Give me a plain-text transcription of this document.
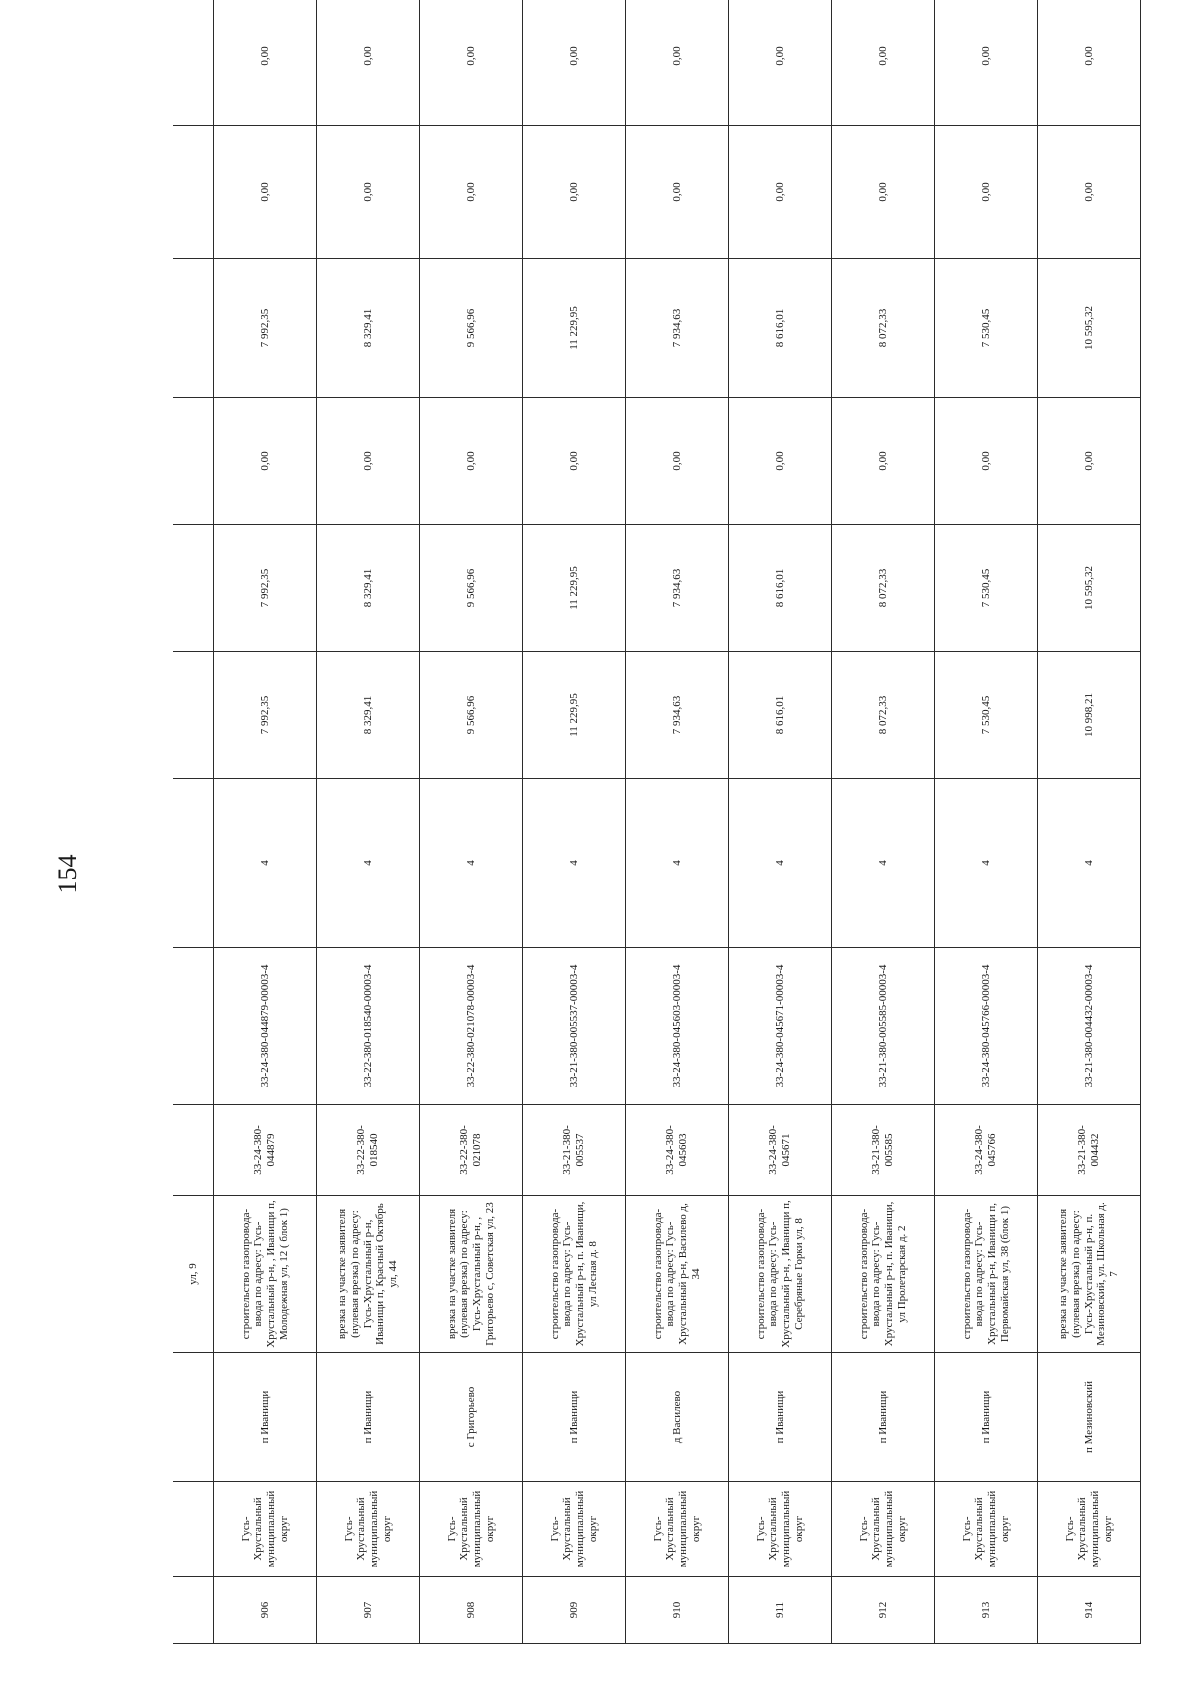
154
			ул, 9									
906	Гусь-Хрустальный муниципальный округ	п Иванищи	строительство газопровода-ввода по адресу: Гусь-Хрустальный р-н, , Иванищи п, Молодежная ул, 12 ( блок 1)	33-24-380-044879	33-24-380-044879-00003-4	4	7 992,35	7 992,35	0,00	7 992,35	0,00	0,00
907	Гусь-Хрустальный муниципальный округ	п Иванищи	врезка на участке заявителя (нулевая врезка) по адресу: Гусь-Хрустальный р-н, Иванищи п, Красный Октябрь ул, 44	33-22-380-018540	33-22-380-018540-00003-4	4	8 329,41	8 329,41	0,00	8 329,41	0,00	0,00
908	Гусь-Хрустальный муниципальный округ	с Григорьево	врезка на участке заявителя (нулевая врезка) по адресу: Гусь-Хрустальный р-н, , Григорьево с, Советская ул, 23	33-22-380-021078	33-22-380-021078-00003-4	4	9 566,96	9 566,96	0,00	9 566,96	0,00	0,00
909	Гусь-Хрустальный муниципальный округ	п Иванищи	строительство газопровода-ввода по адресу: Гусь-Хрустальный р-н, п. Иванищи, ул Лесная д. 8	33-21-380-005537	33-21-380-005537-00003-4	4	11 229,95	11 229,95	0,00	11 229,95	0,00	0,00
910	Гусь-Хрустальный муниципальный округ	д Василево	строительство газопровода-ввода по адресу: Гусь-Хрустальный р-н, Василево д, 34	33-24-380-045603	33-24-380-045603-00003-4	4	7 934,63	7 934,63	0,00	7 934,63	0,00	0,00
911	Гусь-Хрустальный муниципальный округ	п Иванищи	строительство газопровода-ввода по адресу: Гусь-Хрустальный р-н, , Иванищи п, Серебряные Горки ул, 8	33-24-380-045671	33-24-380-045671-00003-4	4	8 616,01	8 616,01	0,00	8 616,01	0,00	0,00
912	Гусь-Хрустальный муниципальный округ	п Иванищи	строительство газопровода-ввода по адресу: Гусь-Хрустальный р-н, п. Иванищи, ул Пролетарская д. 2	33-21-380-005585	33-21-380-005585-00003-4	4	8 072,33	8 072,33	0,00	8 072,33	0,00	0,00
913	Гусь-Хрустальный муниципальный округ	п Иванищи	строительство газопровода-ввода по адресу: Гусь-Хрустальный р-н, Иванищи п, Первомайская ул, 38 (блок 1)	33-24-380-045766	33-24-380-045766-00003-4	4	7 530,45	7 530,45	0,00	7 530,45	0,00	0,00
914	Гусь-Хрустальный муниципальный округ	п Мезиновский	врезка на участке заявителя (нулевая врезка) по адресу: Гусь-Хрустальный р-н, п. Мезиновский, ул. Школьная д. 7	33-21-380-004432	33-21-380-004432-00003-4	4	10 998,21	10 595,32	0,00	10 595,32	0,00	0,00
